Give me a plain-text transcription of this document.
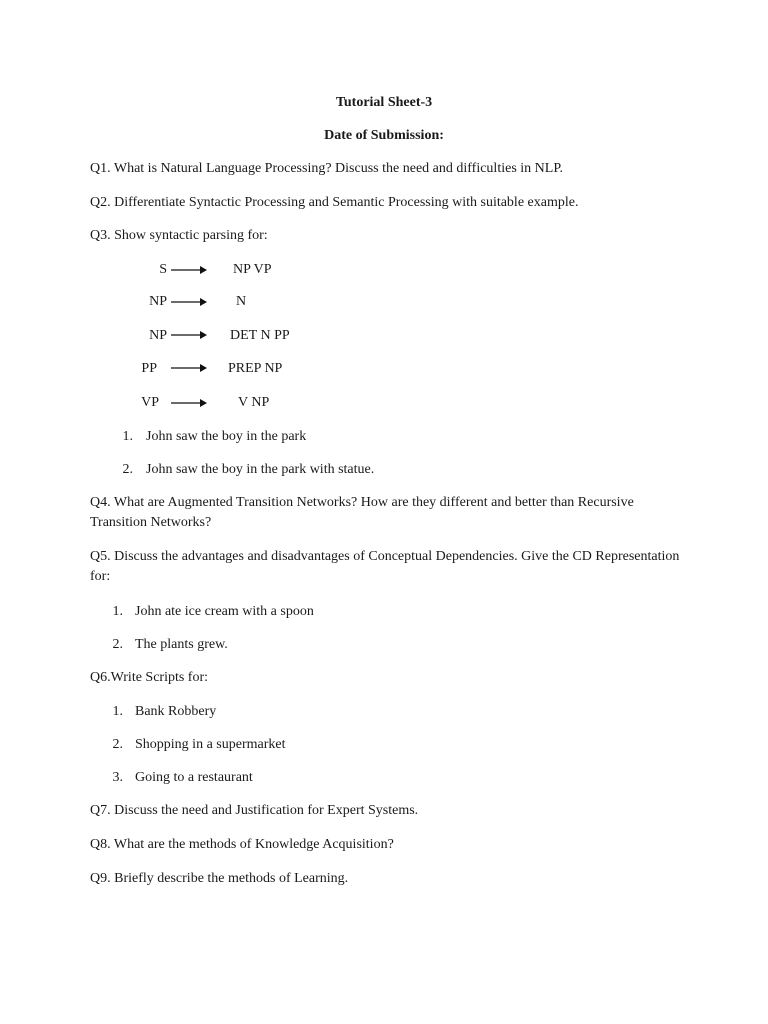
Tutorial Sheet-3
Date of Submission:
Q1. What is Natural Language Processing? Discuss the need and difficulties in NLP.
Q2. Differentiate Syntactic Processing and Semantic Processing with suitable example.
Q3. Show syntactic parsing for:
S	NP VP
NP	N
NP	DET N PP
PP	PREP NP
VP	V NP
1. John saw the boy in the park
2. John saw the boy in the park with statue.
Q4. What are Augmented Transition Networks? How are they different and better than Recursive Transition Networks?
Q5. Discuss the advantages and disadvantages of Conceptual Dependencies. Give the CD Representation for:
1. John ate ice cream with a spoon
2. The plants grew.
Q6.Write Scripts for:
1. Bank Robbery
2. Shopping in a supermarket
3. Going to a restaurant
Q7. Discuss the need and Justification for Expert Systems.
Q8. What are the methods of Knowledge Acquisition?
Q9. Briefly describe the methods of Learning.
